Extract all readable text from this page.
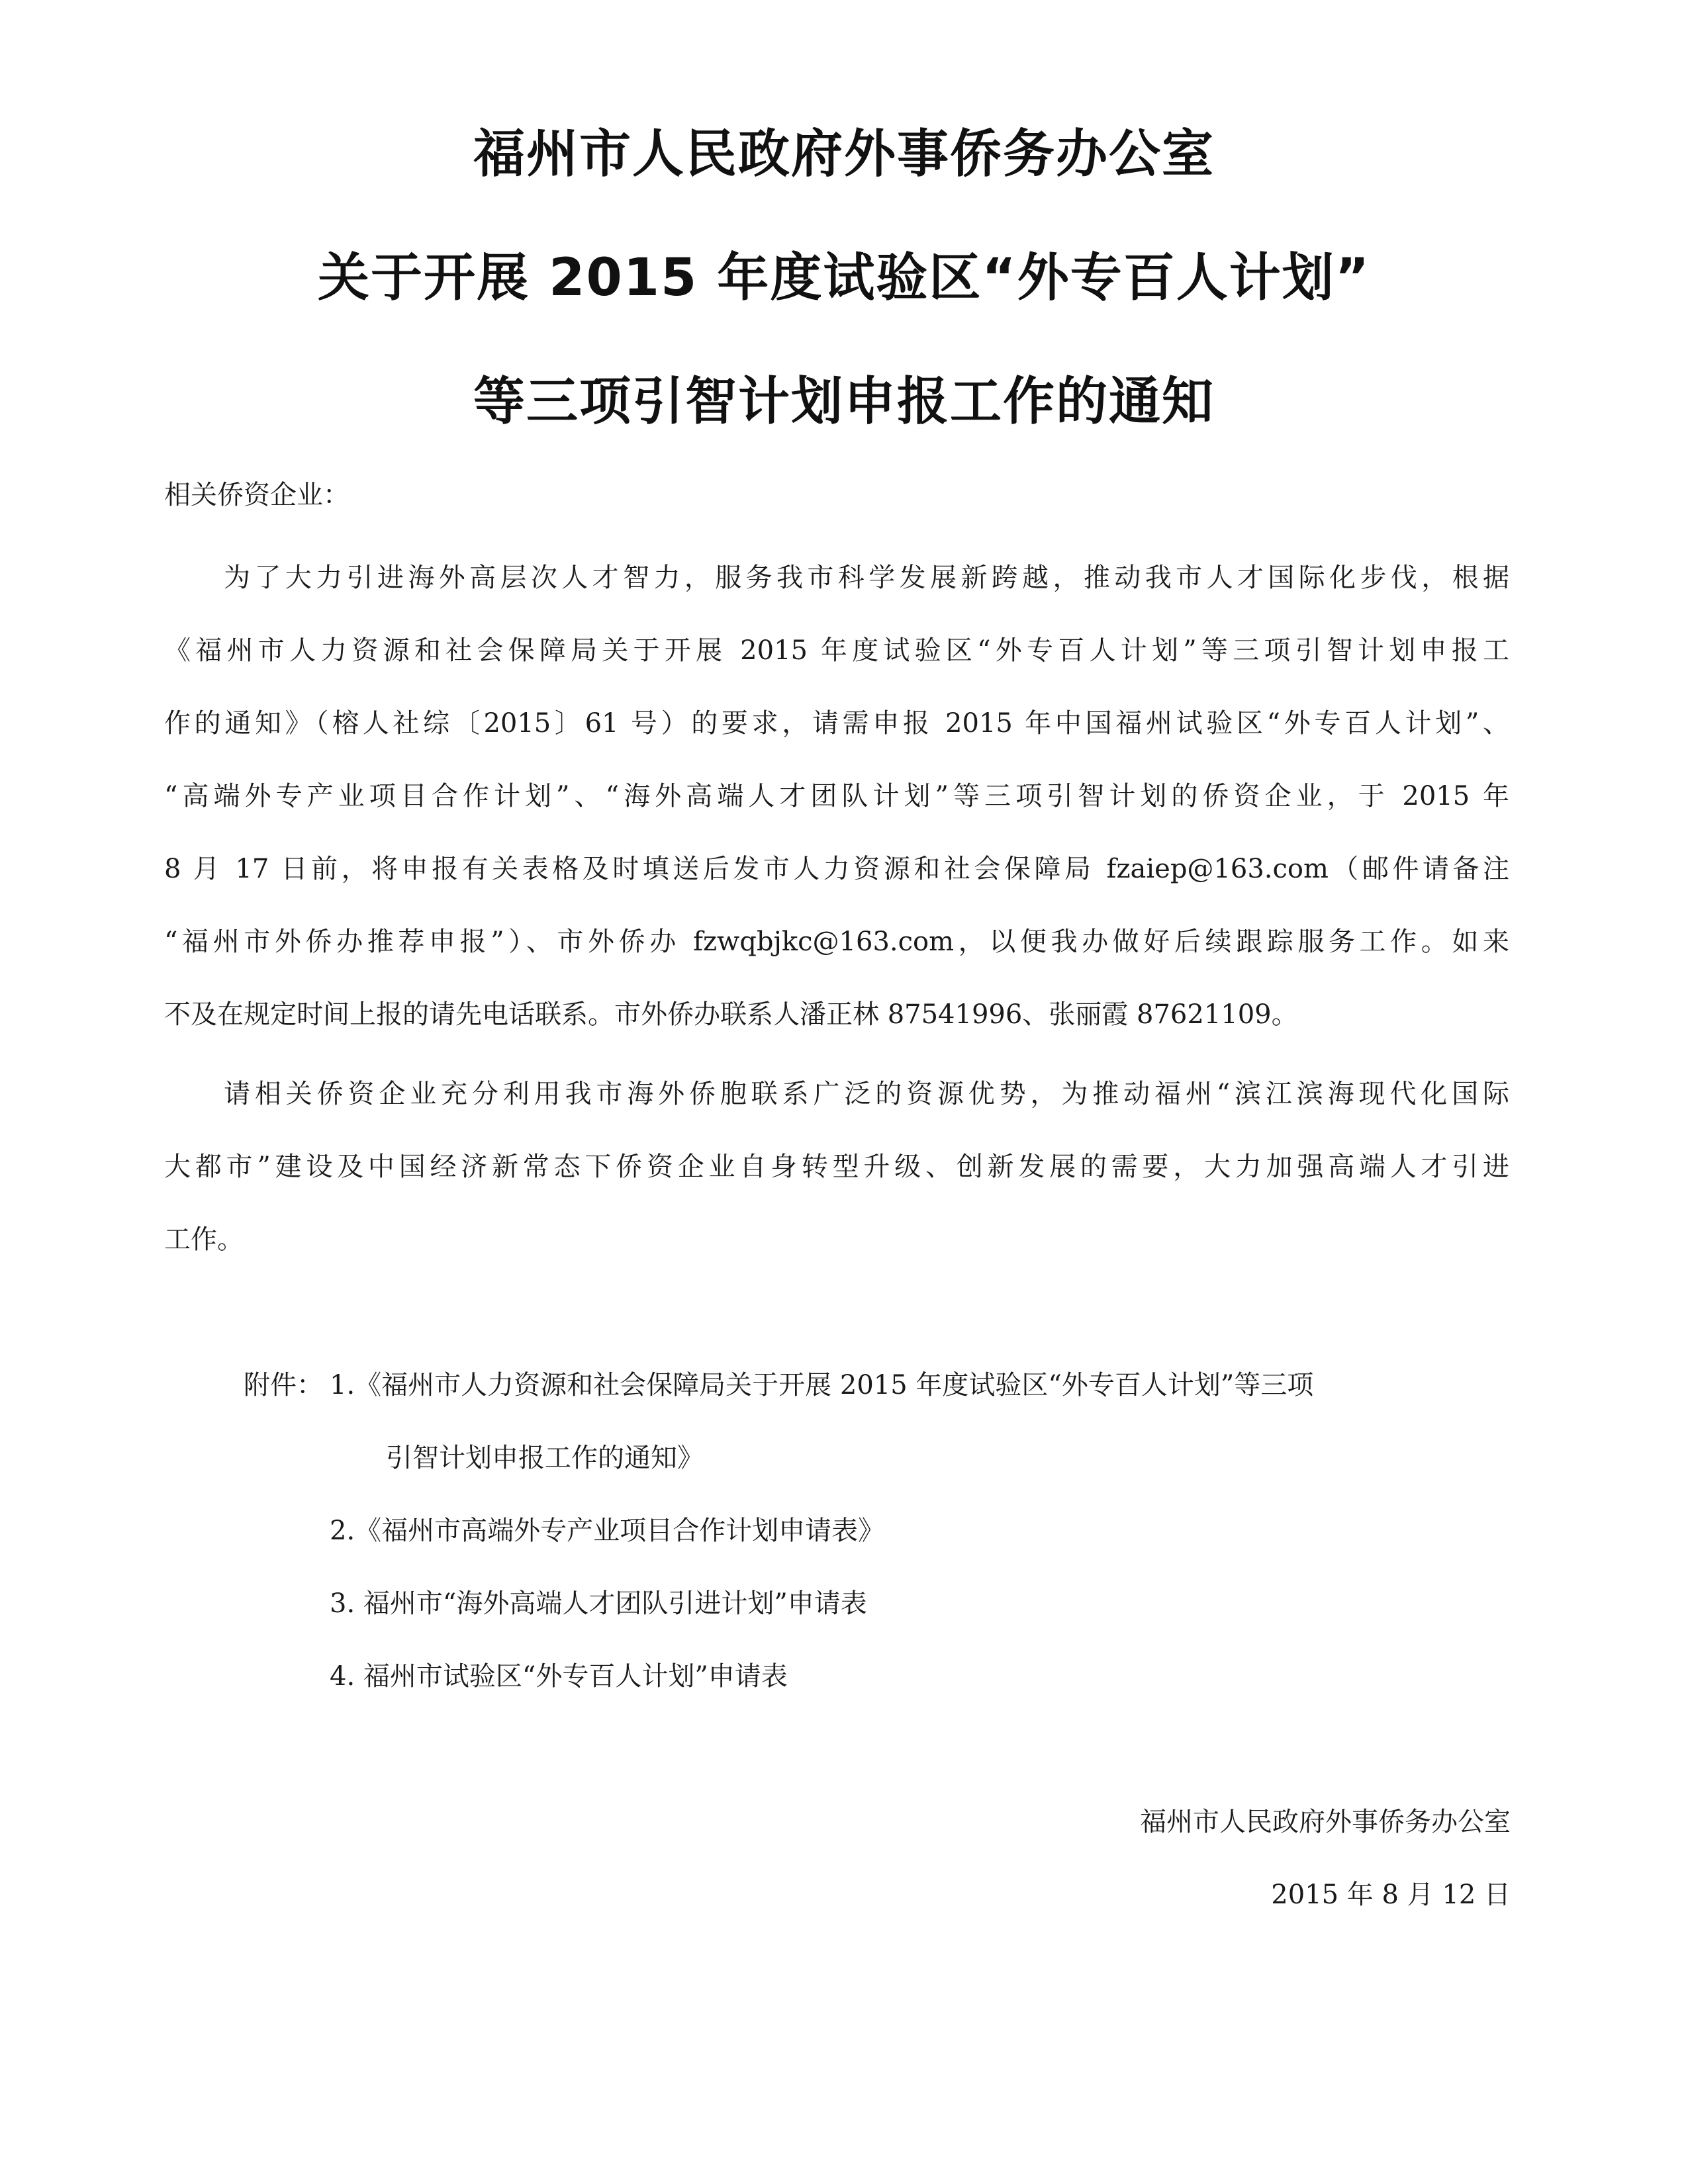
福州市人民政府外事侨务办公室
关于开展 2015 年度试验区“外专百人计划”
等三项引智计划申报工作的通知
相关侨资企业：
为了大力引进海外高层次人才智力，服务我市科学发展新跨越，推动我市人才国际化步伐，根据
《福州市人力资源和社会保障局关于开展 2015 年度试验区“外专百人计划”等三项引智计划申报工
作的通知》（榕人社综〔2015〕61 号）的要求，请需申报 2015 年中国福州试验区“外专百人计划”、
“高端外专产业项目合作计划”、“海外高端人才团队计划”等三项引智计划的侨资企业，于 2015 年
8 月 17 日前，将申报有关表格及时填送后发市人力资源和社会保障局 fzaiep@163.com（邮件请备注
“福州市外侨办推荐申报”）、市外侨办 fzwqbjkc@163.com，以便我办做好后续跟踪服务工作。如来
不及在规定时间上报的请先电话联系。市外侨办联系人潘正林 87541996、张丽霞 87621109。
请相关侨资企业充分利用我市海外侨胞联系广泛的资源优势，为推动福州“滨江滨海现代化国际
大都市”建设及中国经济新常态下侨资企业自身转型升级、创新发展的需要，大力加强高端人才引进
工作。
附件： 1.《福州市人力资源和社会保障局关于开展 2015 年度试验区“外专百人计划”等三项
引智计划申报工作的通知》
2.《福州市高端外专产业项目合作计划申请表》
3. 福州市“海外高端人才团队引进计划”申请表
4. 福州市试验区“外专百人计划”申请表
福州市人民政府外事侨务办公室
2015 年 8 月 12 日
